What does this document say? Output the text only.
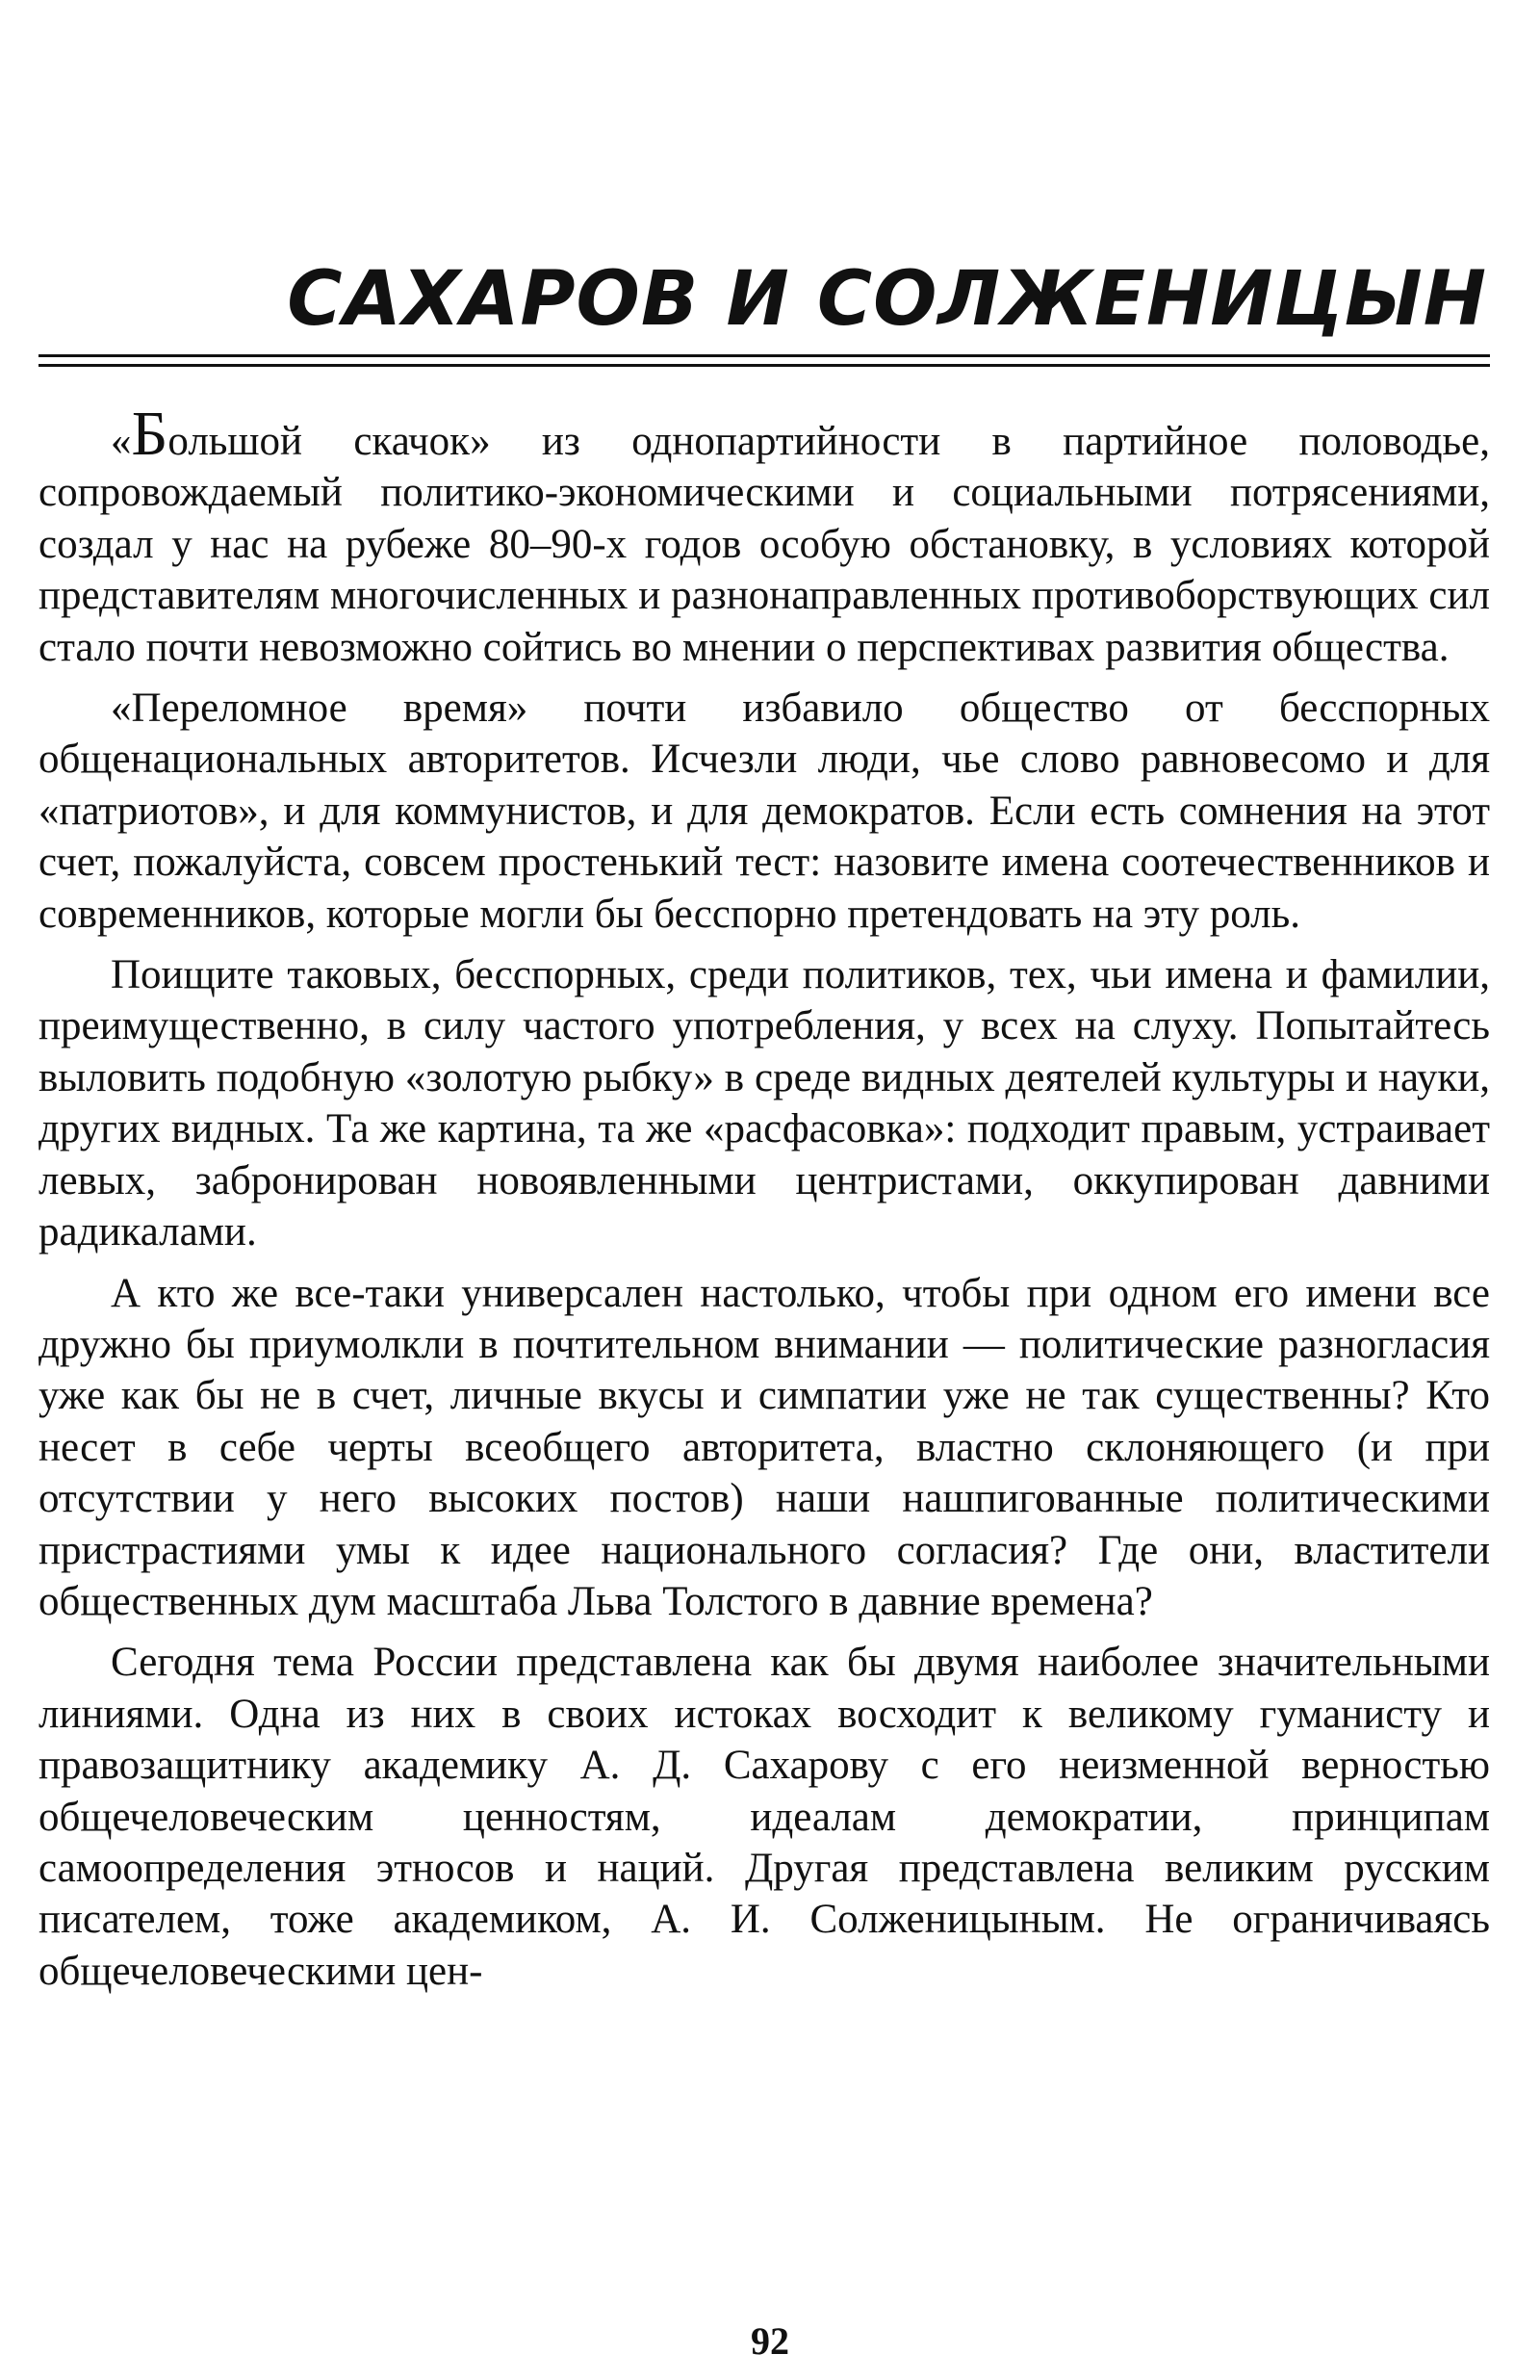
САХАРОВ И СОЛЖЕНИЦЫН

«Большой скачок» из однопартийности в партийное половодье, сопровождаемый политико-экономическими и социальными потрясениями, создал у нас на рубеже 80–90-х годов особую обстановку, в условиях которой представителям многочисленных и разнонаправленных противоборствующих сил стало почти невозможно сойтись во мнении о перспективах развития общества.

«Переломное время» почти избавило общество от бесспорных общенациональных авторитетов. Исчезли люди, чье слово равновесомо и для «патриотов», и для коммунистов, и для демократов. Если есть сомнения на этот счет, пожалуйста, совсем простенький тест: назовите имена соотечественников и современников, которые могли бы бесспорно претендовать на эту роль.

Поищите таковых, бесспорных, среди политиков, тех, чьи имена и фамилии, преимущественно, в силу частого употребления, у всех на слуху. Попытайтесь выловить подобную «золотую рыбку» в среде видных деятелей культуры и науки, других видных. Та же картина, та же «расфасовка»: подходит правым, устраивает левых, забронирован новоявленными центристами, оккупирован давними радикалами.

А кто же все-таки универсален настолько, чтобы при одном его имени все дружно бы приумолкли в почтительном внимании — политические разногласия уже как бы не в счет, личные вкусы и симпатии уже не так существенны? Кто несет в себе черты всеобщего авторитета, властно склоняющего (и при отсутствии у него высоких постов) наши нашпигованные политическими пристрастиями умы к идее национального согласия? Где они, властители общественных дум масштаба Льва Толстого в давние времена?

Сегодня тема России представлена как бы двумя наиболее значительными линиями. Одна из них в своих истоках восходит к великому гуманисту и правозащитнику академику А. Д. Сахарову с его неизменной верностью общечеловеческим ценностям, идеалам демократии, принципам самоопределения этносов и наций. Другая представлена великим русским писателем, тоже академиком, А. И. Солженицыным. Не ограничиваясь общечеловеческими цен-

92
